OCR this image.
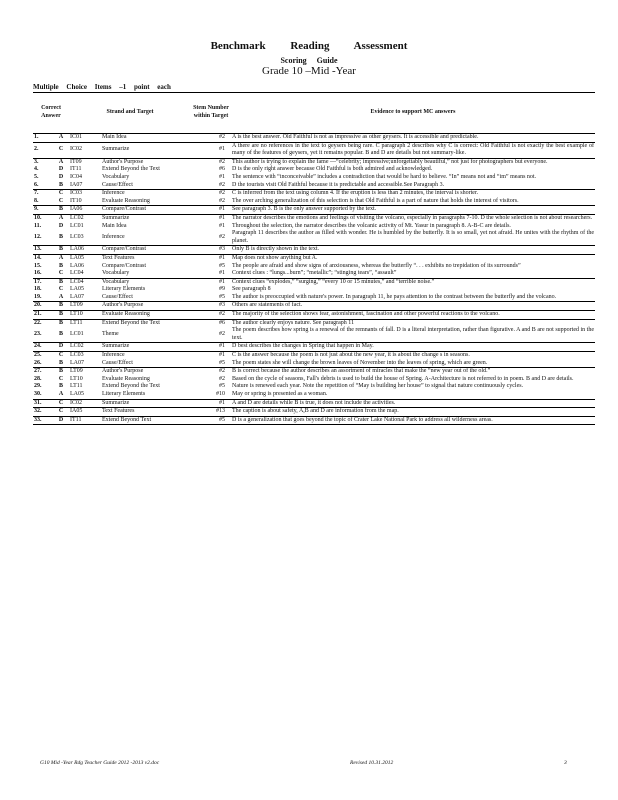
Benchmark Reading Assessment
Scoring Guide
Grade 10 –Mid -Year
Multiple Choice Items –1 point each
Correct Answer		Strand and Target		Stem Number within Target	Evidence to support MC answers
1.	A	IC01	Main Idea	#2	A is the best answer. Old Faithful is not as impressive as other geysers. It is accessible and predictable.
2.	C	IC02	Summarize	#1	A there are no references in the text to geysers being rare. C paragraph 2 describes why C is correct: Old Faithful is not exactly the best example of many of the features of geysers, yet it remains popular. B and D are details but not summary-like.
3.	A	IT09	Author's Purpose	#2	This author is trying to explain the fame —“celebrity; impressive;unforgettably beautiful,” not just for photographers but everyone.
4.	D	IT11	Extend Beyond the Text	#6	D is the only right answer because Old Faithful is both admired and acknowledged.
5.	D	IC04	Vocabulary	#1	The sentence with “inconceivable” includes a contradiction that would be hard to believe. “In” means not and “im” means not.
6.	B	IA07	Cause/Effect	#2	D the tourists visit Old Faithful because it is predictable and accessible.See Paragraph 3.
7.	C	IC03	Inference	#2	C is inferred from the text using column 4. If the eruption is less than 2 minutes, the interval is shorter.
8.	C	IT10	Evaluate Reasoning	#2	The over arching generalization of this selection is that Old Faithful is a part of nature that holds the interest of visitors.
9.	B	IA06	Compare/Contrast	#1	See paragraph 3. B is the only answer supported by the text.
10.	A	LC02	Summarize	#1	The narrator describes the emotions and feelings of visiting the volcano, especially in paragraphs 7-10. D the whole selection is not about researchers.
11.	D	LC01	Main Idea	#1	Throughout the selection, the narrator describes the volcanic activity of Mt. Yasur in paragraph 8. A-B-C are details.
12.	B	LC03	Inference	#2	Paragraph 11 describes the author as filled with wonder. He is humbled by the butterfly. It is so small, yet not afraid. He unites with the rhythm of the planet.
13.	B	LA06	Compare/Contrast	#3	Only B is directly shown in the text.
14.	A	LA05	Text Features	#1	Map does not show anything but A.
15.	B	LA06	Compare/Contrast	#5	The people are afraid and show signs of anxiousness, whereas the butterfly “. . . exhibits no trepidation of its surrounds”
16.	C	LC04	Vocabulary	#1	Context clues : “lungs...burn”; “metallic”; “stinging tears”, “assault”
17.	B	LC04	Vocabulary	#1	Context clues “explodes,” “surging,” “every 10 or 15 minutes,” and “terrible noise.”
18.	C	LA05	Literary Elements	#9	See paragraph 8
19.	A	LA07	Cause/Effect	#5	The author is preoccupied with nature's power. In paragraph 11, he pays attention to the contrast between the butterfly and the volcano.
20.	B	LT09	Author's Purpose	#3	Others are statements of fact.
21.	B	LT10	Evaluate Reasoning	#2	The majority of the selection shows fear, astonishment, fascination and other powerful reactions to the volcano.
22.	B	LT11	Extend Beyond the Text	#6	The author clearly enjoys nature. See paragraph 11
23.	B	LC01	Theme	#2	The poem describes how spring is a renewal of the remnants of fall. D is a literal interpretation, rather than figurative. A and B are not supported in the text.
24.	D	LC02	Summarize	#1	D best describes the changes in Spring that happen in May.
25.	C	LC03	Inference	#1	C is the answer because the poem is not just about the new year, it is about the change s in seasons.
26.	B	LA07	Cause/Effect	#5	The poem states she will change the brown leaves of November into the leaves of spring, which are green.
27.	B	LT09	Author's Purpose	#2	B is correct because the author describes an assortment of miracles that make the “new year out of the old.”
28.	C	LT10	Evaluate Reasoning	#2	Based on the cycle of seasons, Fall's debris is used to build the house of Spring. A-Architecture is not referred to in poem. B and D are details.
29.	B	LT11	Extend Beyond the Text	#5	Nature is renewed each year. Note the repetition of “May is building her house” to signal that nature continuously cycles.
30.	A	LA05	Literary Elements	#10	May or spring is presented as a woman.
31.	C	IC02	Summarize	#1	A and D are details while B is true, it does not include the activities.
32.	C	IA05	Text Features	#13	The caption is about safety, A,B and D are information from the map.
33.	D	IT11	Extend Beyond Text	#5	D is a generalization that goes beyond the topic of Crater Lake National Park to address all wilderness areas.
G10 Mid -Year Rdg Teacher Guide 2012 -2013 v2.doc	Revised 10.31.2012	3
